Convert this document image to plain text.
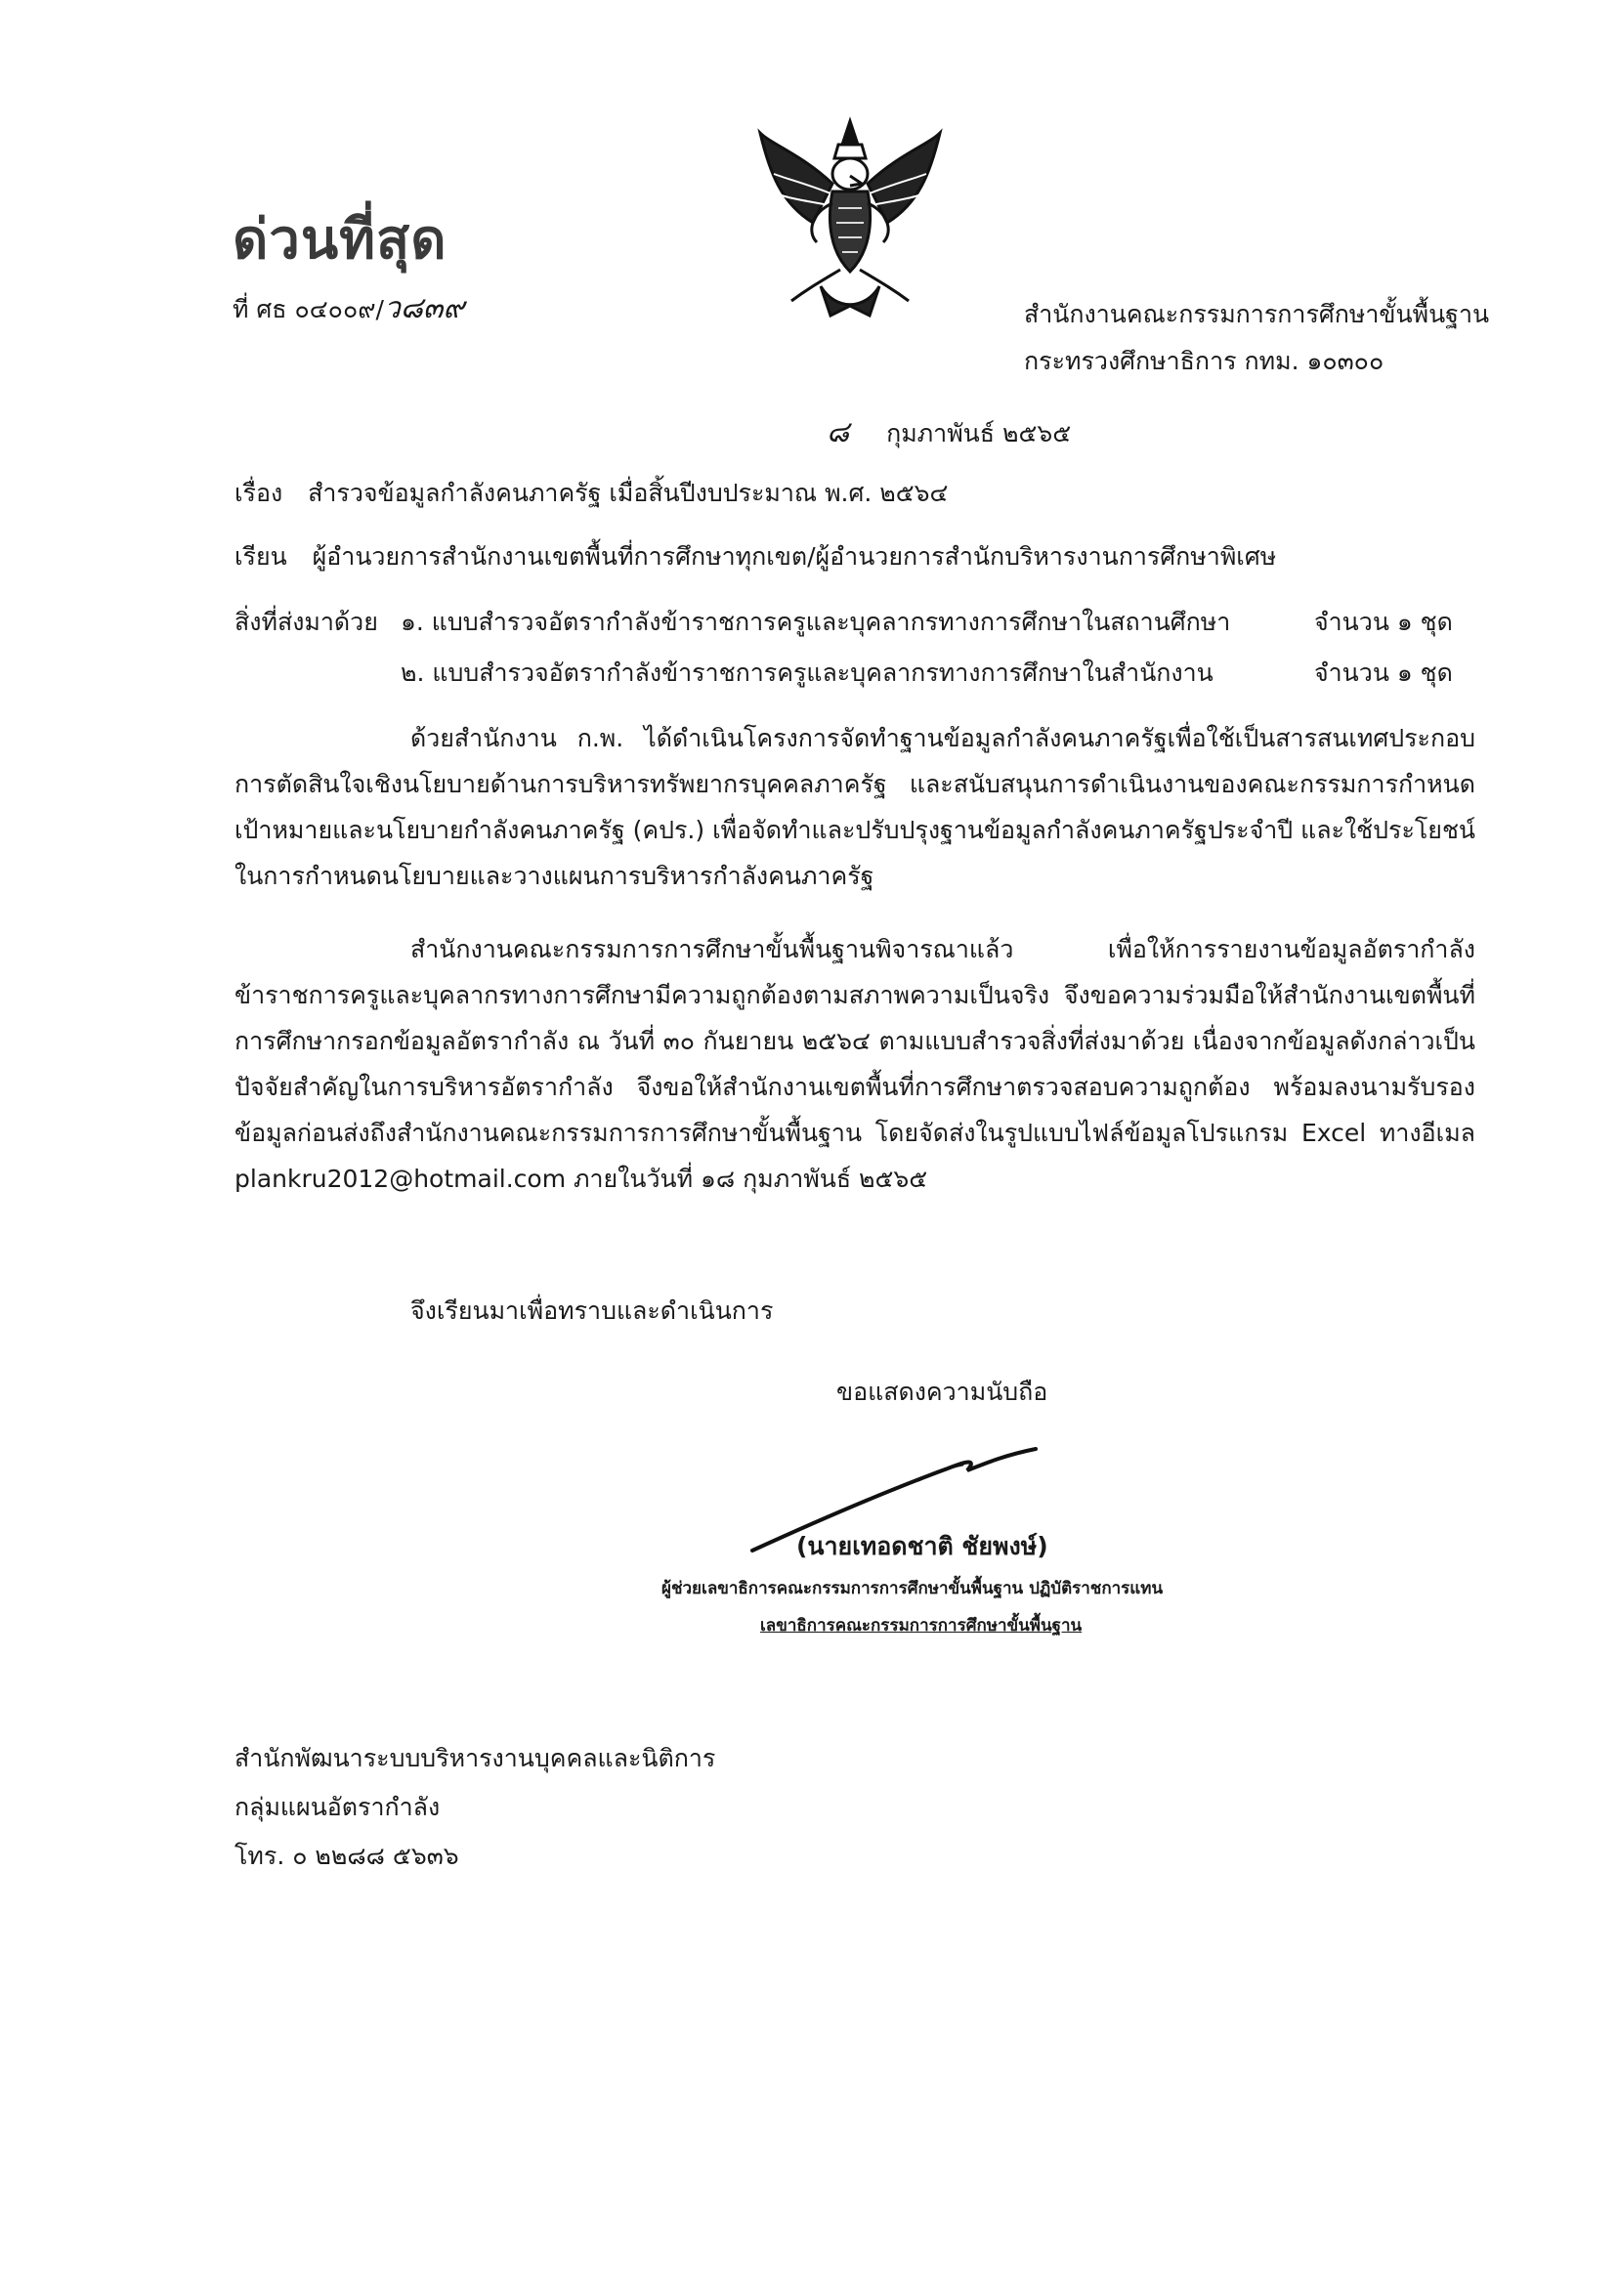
ด่วนที่สุด
ที่ ศธ ๐๔๐๐๙/ว๘๓๙	สำนักงานคณะกรรมการการศึกษาขั้นพื้นฐาน
กระทรวงศึกษาธิการ กทม. ๑๐๓๐๐
๘ กุมภาพันธ์ ๒๕๖๕
เรื่อง สำรวจข้อมูลกำลังคนภาครัฐ เมื่อสิ้นปีงบประมาณ พ.ศ. ๒๕๖๔
เรียน ผู้อำนวยการสำนักงานเขตพื้นที่การศึกษาทุกเขต/ผู้อำนวยการสำนักบริหารงานการศึกษาพิเศษ
สิ่งที่ส่งมาด้วย ๑. แบบสำรวจอัตรากำลังข้าราชการครูและบุคลากรทางการศึกษาในสถานศึกษา	จำนวน ๑ ชุด
๒. แบบสำรวจอัตรากำลังข้าราชการครูและบุคลากรทางการศึกษาในสำนักงาน	จำนวน ๑ ชุด
ด้วยสำนักงาน ก.พ. ได้ดำเนินโครงการจัดทำฐานข้อมูลกำลังคนภาครัฐเพื่อใช้เป็นสารสนเทศประกอบการตัดสินใจเชิงนโยบายด้านการบริหารทรัพยากรบุคคลภาครัฐ และสนับสนุนการดำเนินงานของคณะกรรมการกำหนดเป้าหมายและนโยบายกำลังคนภาครัฐ (คปร.) เพื่อจัดทำและปรับปรุงฐานข้อมูลกำลังคนภาครัฐประจำปี และใช้ประโยชน์ในการกำหนดนโยบายและวางแผนการบริหารกำลังคนภาครัฐ
สำนักงานคณะกรรมการการศึกษาขั้นพื้นฐานพิจารณาแล้ว เพื่อให้การรายงานข้อมูลอัตรากำลังข้าราชการครูและบุคลากรทางการศึกษามีความถูกต้องตามสภาพความเป็นจริง จึงขอความร่วมมือให้สำนักงานเขตพื้นที่การศึกษากรอกข้อมูลอัตรากำลัง ณ วันที่ ๓๐ กันยายน ๒๕๖๔ ตามแบบสำรวจสิ่งที่ส่งมาด้วย เนื่องจากข้อมูลดังกล่าวเป็นปัจจัยสำคัญในการบริหารอัตรากำลัง จึงขอให้สำนักงานเขตพื้นที่การศึกษาตรวจสอบความถูกต้อง พร้อมลงนามรับรองข้อมูลก่อนส่งถึงสำนักงานคณะกรรมการการศึกษาขั้นพื้นฐาน โดยจัดส่งในรูปแบบไฟล์ข้อมูลโปรแกรม Excel ทางอีเมล plankru2012@hotmail.com ภายในวันที่ ๑๘ กุมภาพันธ์ ๒๕๖๕
จึงเรียนมาเพื่อทราบและดำเนินการ
ขอแสดงความนับถือ
(นายเทอดชาติ ชัยพงษ์)
ผู้ช่วยเลขาธิการคณะกรรมการการศึกษาขั้นพื้นฐาน ปฏิบัติราชการแทน
เลขาธิการคณะกรรมการการศึกษาขั้นพื้นฐาน
สำนักพัฒนาระบบบริหารงานบุคคลและนิติการ
กลุ่มแผนอัตรากำลัง
โทร. ๐ ๒๒๘๘ ๕๖๓๖
